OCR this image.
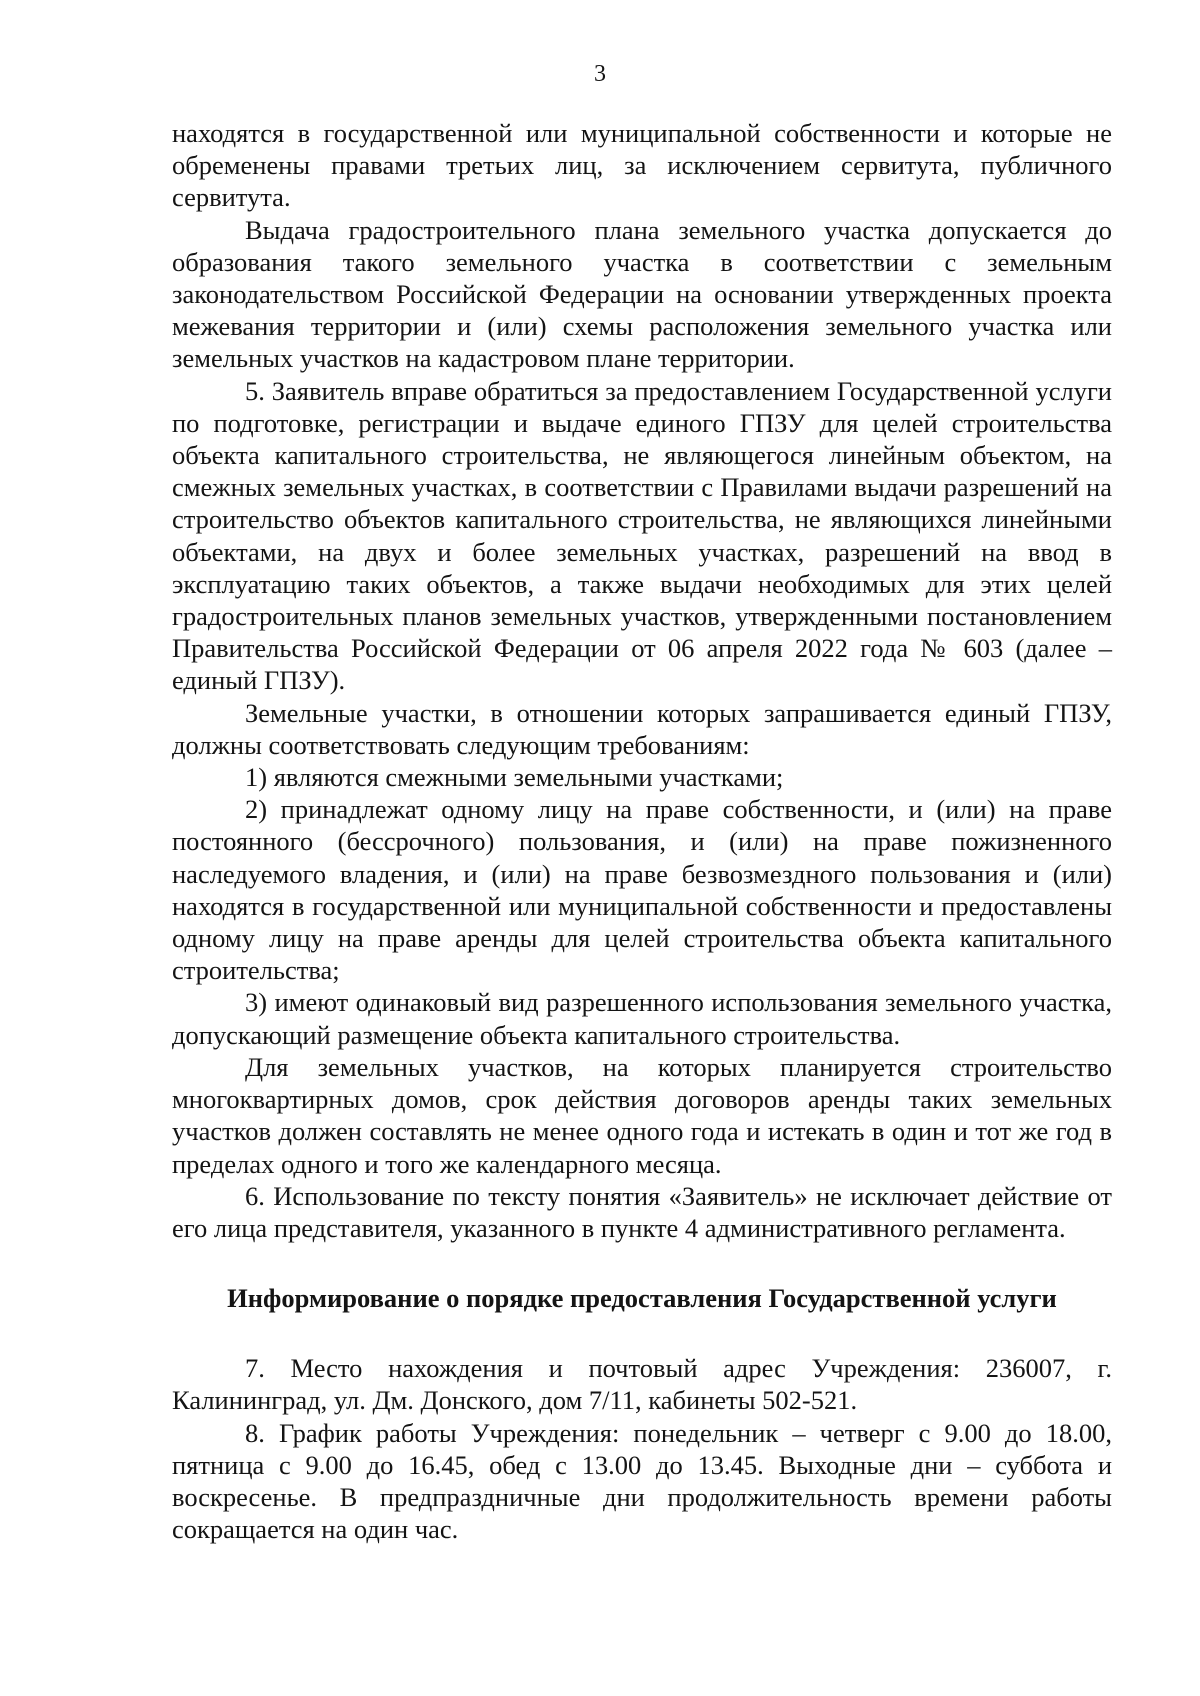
3

находятся в государственной или муниципальной собственности и которые не обременены правами третьих лиц, за исключением сервитута, публичного сервитута.

Выдача градостроительного плана земельного участка допускается до образования такого земельного участка в соответствии с земельным законодательством Российской Федерации на основании утвержденных проекта межевания территории и (или) схемы расположения земельного участка или земельных участков на кадастровом плане территории.

5. Заявитель вправе обратиться за предоставлением Государственной услуги по подготовке, регистрации и выдаче единого ГПЗУ для целей строительства объекта капитального строительства, не являющегося линейным объектом, на смежных земельных участках, в соответствии с Правилами выдачи разрешений на строительство объектов капитального строительства, не являющихся линейными объектами, на двух и более земельных участках, разрешений на ввод в эксплуатацию таких объектов, а также выдачи необходимых для этих целей градостроительных планов земельных участков, утвержденными постановлением Правительства Российской Федерации от 06 апреля 2022 года № 603 (далее – единый ГПЗУ).

Земельные участки, в отношении которых запрашивается единый ГПЗУ, должны соответствовать следующим требованиям:

1) являются смежными земельными участками;

2) принадлежат одному лицу на праве собственности, и (или) на праве постоянного (бессрочного) пользования, и (или) на праве пожизненного наследуемого владения, и (или) на праве безвозмездного пользования и (или) находятся в государственной или муниципальной собственности и предоставлены одному лицу на праве аренды для целей строительства объекта капитального строительства;

3) имеют одинаковый вид разрешенного использования земельного участка, допускающий размещение объекта капитального строительства.

Для земельных участков, на которых планируется строительство многоквартирных домов, срок действия договоров аренды таких земельных участков должен составлять не менее одного года и истекать в один и тот же год в пределах одного и того же календарного месяца.

6. Использование по тексту понятия «Заявитель» не исключает действие от его лица представителя, указанного в пункте 4 административного регламента.

Информирование о порядке предоставления Государственной услуги

7. Место нахождения и почтовый адрес Учреждения: 236007, г. Калининград, ул. Дм. Донского, дом 7/11, кабинеты 502-521.

8. График работы Учреждения: понедельник – четверг с 9.00 до 18.00, пятница с 9.00 до 16.45, обед с 13.00 до 13.45. Выходные дни – суббота и воскресенье. В предпраздничные дни продолжительность времени работы сокращается на один час.
